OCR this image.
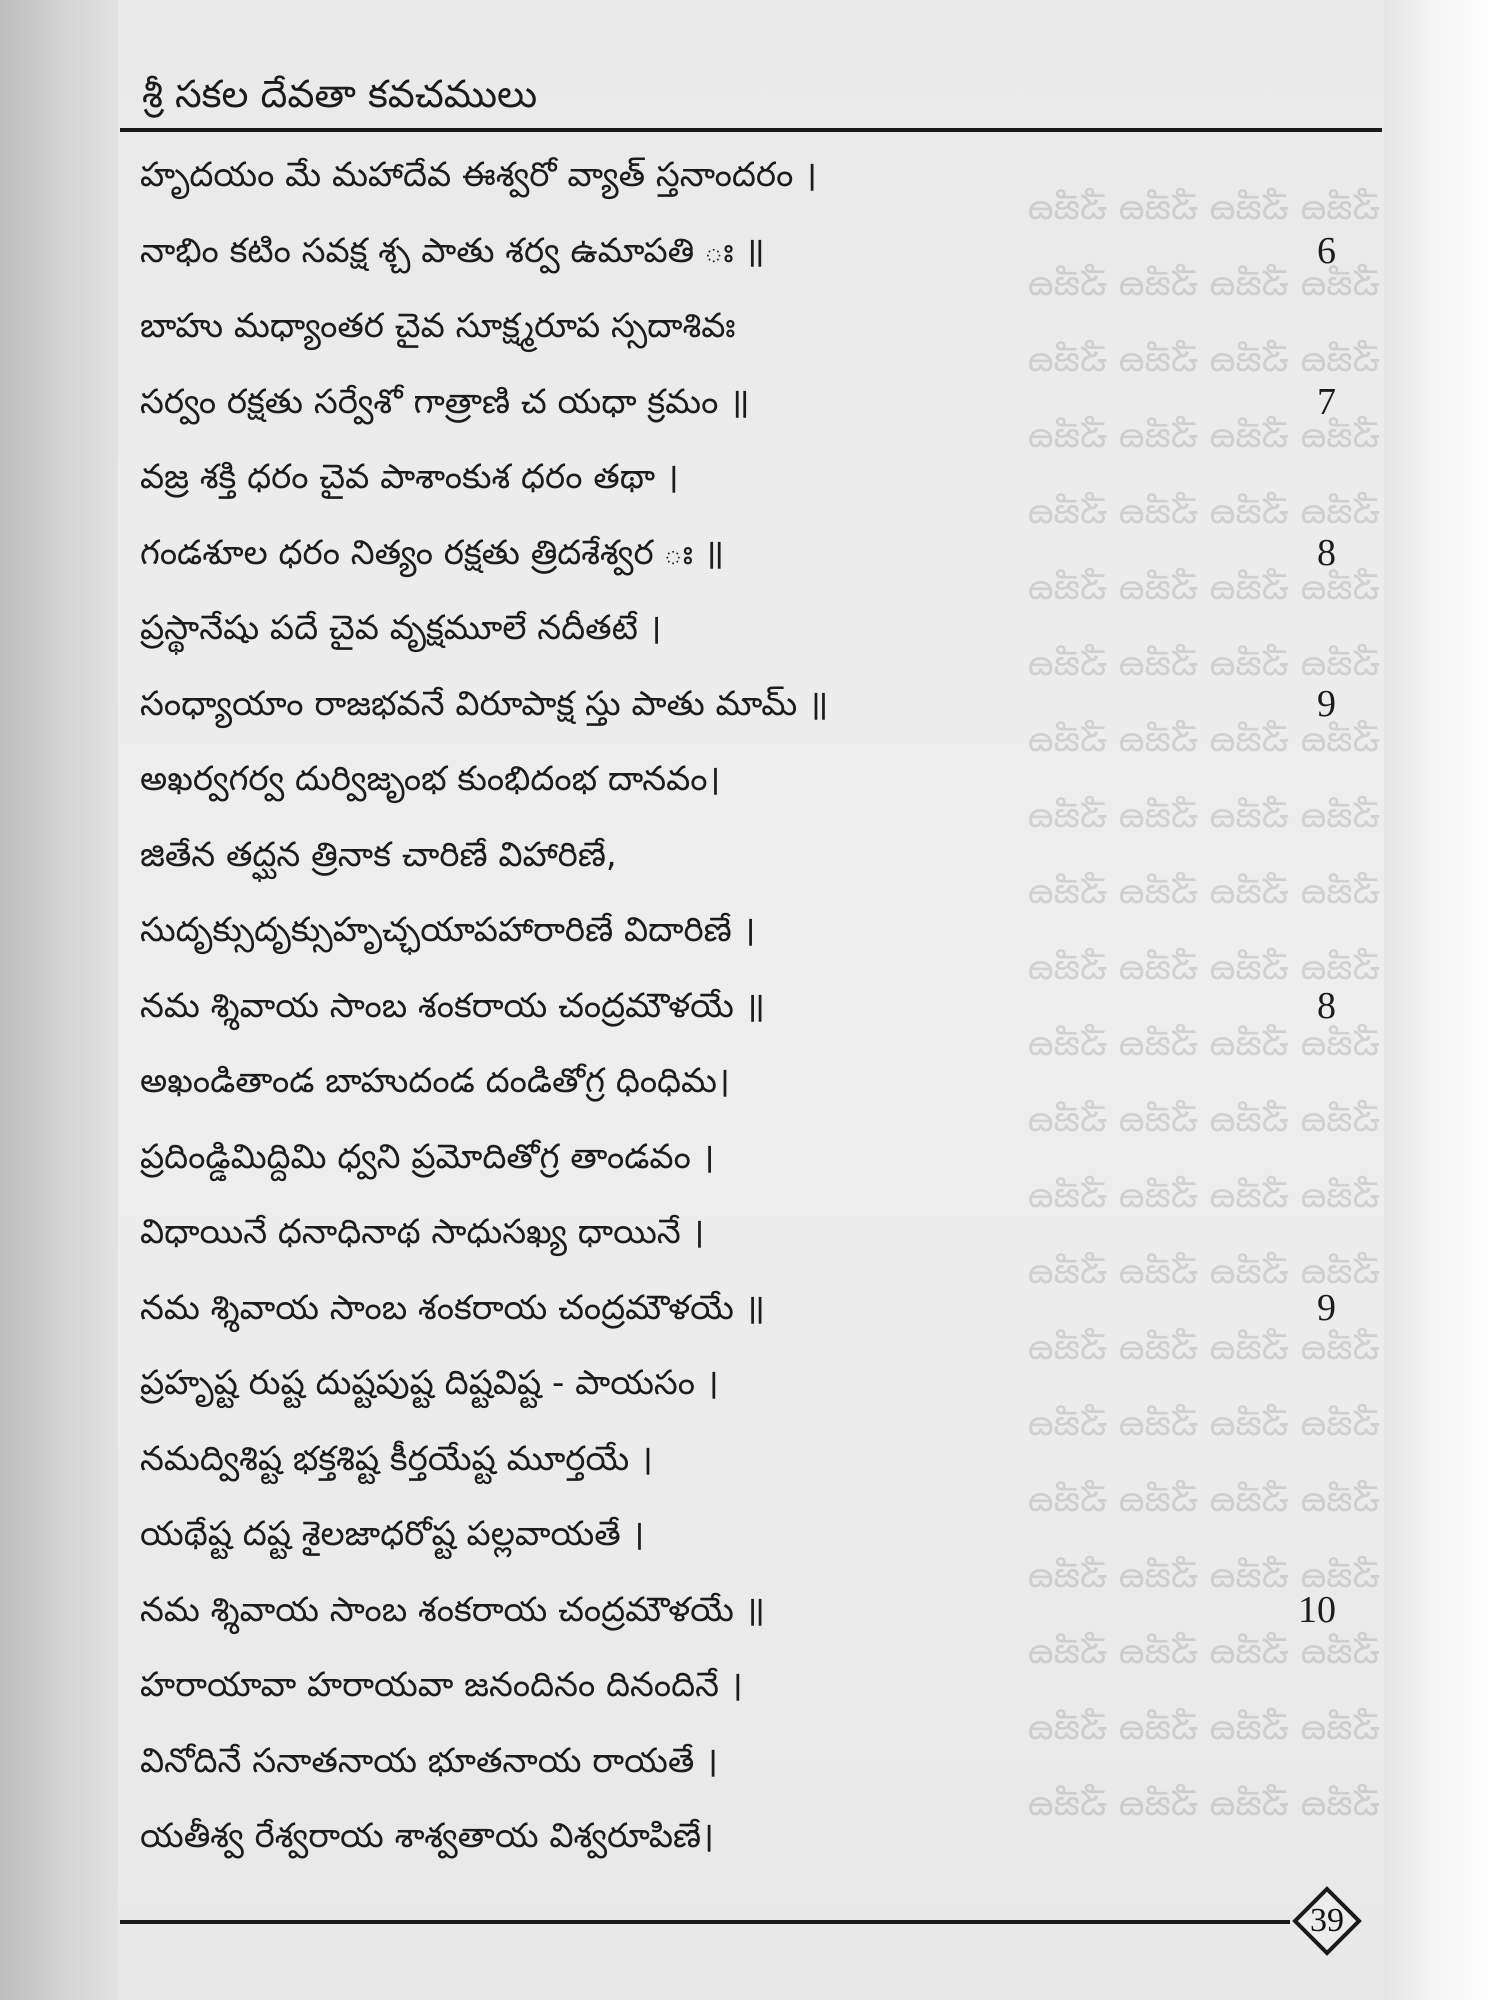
ౘౙౚ ౘౙౚ ౘౙౚ ౘౙౚ
ౘౙౚ ౘౙౚ ౘౙౚ ౘౙౚ
ౘౙౚ ౘౙౚ ౘౙౚ ౘౙౚ
ౘౙౚ ౘౙౚ ౘౙౚ ౘౙౚ
ౘౙౚ ౘౙౚ ౘౙౚ ౘౙౚ
ౘౙౚ ౘౙౚ ౘౙౚ ౘౙౚ
ౘౙౚ ౘౙౚ ౘౙౚ ౘౙౚ
ౘౙౚ ౘౙౚ ౘౙౚ ౘౙౚ
ౘౙౚ ౘౙౚ ౘౙౚ ౘౙౚ
ౘౙౚ ౘౙౚ ౘౙౚ ౘౙౚ
ౘౙౚ ౘౙౚ ౘౙౚ ౘౙౚ
ౘౙౚ ౘౙౚ ౘౙౚ ౘౙౚ
ౘౙౚ ౘౙౚ ౘౙౚ ౘౙౚ
ౘౙౚ ౘౙౚ ౘౙౚ ౘౙౚ
ౘౙౚ ౘౙౚ ౘౙౚ ౘౙౚ
ౘౙౚ ౘౙౚ ౘౙౚ ౘౙౚ
ౘౙౚ ౘౙౚ ౘౙౚ ౘౙౚ
ౘౙౚ ౘౙౚ ౘౙౚ ౘౙౚ
ౘౙౚ ౘౙౚ ౘౙౚ ౘౙౚ
ౘౙౚ ౘౙౚ ౘౙౚ ౘౙౚ
ౘౙౚ ౘౙౚ ౘౙౚ ౘౙౚ
ౘౙౚ ౘౙౚ ౘౙౚ ౘౙౚ
శ్రీ సకల దేవతా కవచములు
హృదయం మే మహాదేవ ఈశ్వరో వ్యాత్ స్తనాందరం ।
నాభిం కటిం సవక్ష శ్చ పాతు శర్వ ఉమాపతి ః ॥	6
బాహు మధ్యాంతర చైవ సూక్ష్మరూప స్సదాశివః
సర్వం రక్షతు సర్వేశో గాత్రాణి చ యధా క్రమం ॥	7
వజ్ర శక్తి ధరం చైవ పాశాంకుశ ధరం తథా ।
గండశూల ధరం నిత్యం రక్షతు త్రిదశేశ్వర ః ॥	8
ప్రస్థానేషు పదే చైవ వృక్షమూలే నదీతటే ।
సంధ్యాయాం రాజభవనే విరూపాక్ష స్తు పాతు మామ్ ॥	9
అఖర్వగర్వ దుర్విజృంభ కుంభిదంభ దానవం।
జితేన తద్ఘన త్రినాక చారిణే విహారిణే,
సుదృక్సుదృక్సుహృచ్ఛయాపహారారిణే విదారిణే ।
నమ శ్శివాయ సాంబ శంకరాయ చంద్రమౌళయే ॥	8
అఖండితాండ బాహుదండ దండితోగ్ర ధింధిమ।
ప్రదిండ్డిమిద్దిమి ధ్వని ప్రమోదితోగ్ర తాండవం ।
విధాయినే ధనాధినాథ సాధుసఖ్య ధాయినే ।
నమ శ్శివాయ సాంబ శంకరాయ చంద్రమౌళయే ॥	9
ప్రహృష్ట రుష్ట దుష్టపుష్ట దిష్టవిష్ట - పాయసం ।
నమద్విశిష్ట భక్తశిష్ట కీర్తయేష్ట మూర్తయే ।
యథేష్ట దష్ట శైలజాధరోష్ట పల్లవాయతే ।
నమ శ్శివాయ సాంబ శంకరాయ చంద్రమౌళయే ॥	10
హరాయావా హరాయవా జనందినం దినందినే ।
వినోదినే సనాతనాయ భూతనాయ రాయతే ।
యతీశ్వ రేశ్వరాయ శాశ్వతాయ విశ్వరూపిణే।
39
